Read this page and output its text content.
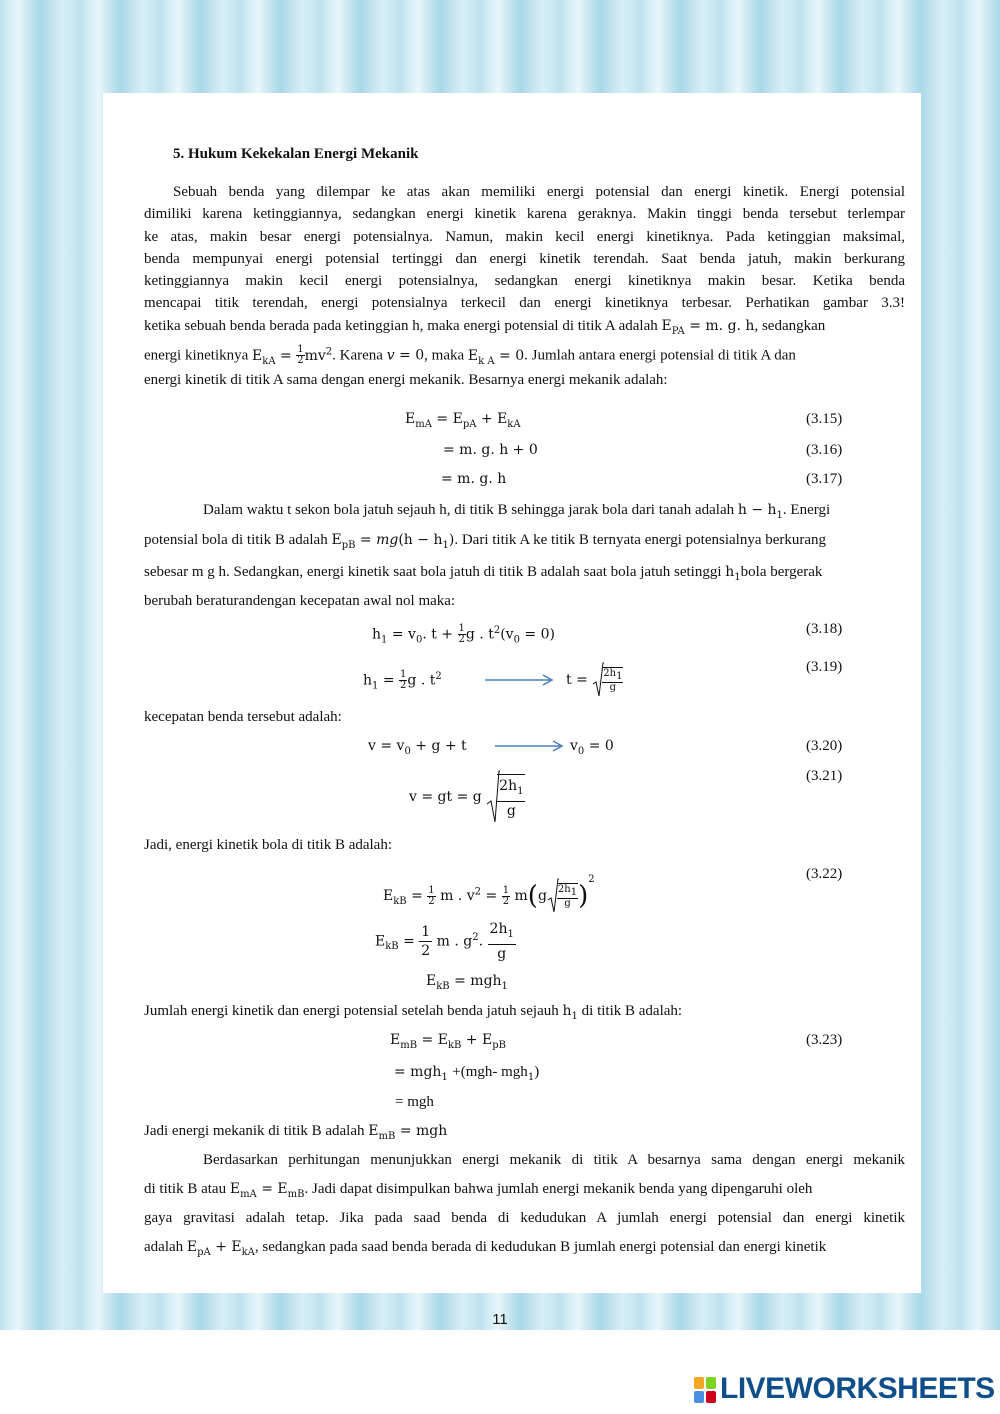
5. Hukum Kekekalan Energi Mekanik
Sebuah benda yang dilempar ke atas akan memiliki energi potensial dan energi kinetik. Energi potensial
dimiliki karena ketinggiannya, sedangkan energi kinetik karena geraknya. Makin tinggi benda tersebut terlempar
ke atas, makin besar energi potensialnya. Namun, makin kecil energi kinetiknya. Pada ketinggian maksimal,
benda mempunyai energi potensial tertinggi dan energi kinetik terendah. Saat benda jatuh, makin berkurang
ketinggiannya makin kecil energi potensialnya, sedangkan energi kinetiknya makin besar. Ketika benda
mencapai titik terendah, energi potensialnya terkecil dan energi kinetiknya terbesar. Perhatikan gambar 3.3!
ketika sebuah benda berada pada ketinggian h, maka energi potensial di titik A adalah $E_{PA} = m$. g. h, sedangkan
energi kinetiknya $E_{kA} = \frac{1}{2} mv^2$. Karena v = 0, maka $E_{k A} = 0$. Jumlah antara energi potensial di titik A dan
energi kinetik di titik A sama dengan energi mekanik. Besarnya energi mekanik adalah:
$E_{mA} = E_{pA} + E_{kA}$	(3.15)
= m. g. h + 0	(3.16)
= m. g. h	(3.17)
Dalam waktu t sekon bola jatuh sejauh h, di titik B sehingga jarak bola dari tanah adalah $h - h_1$. Energi
potensial bola di titik B adalah $E_{pB} = mg(h - h_1)$. Dari titik A ke titik B ternyata energi potensialnya berkurang
sebesar m g h. Sedangkan, energi kinetik saat bola jatuh di titik B adalah saat bola jatuh setinggi $h_1bola$ bergerak
berubah beraturandengan kecepatan awal nol maka:
$h_1 = v_0$. $t + \frac{1}{2}$ g . $t^2(v_0 = 0)$	(3.18)
$h_1 = \frac{1}{2}$ g . $t^2$	$t = \frac{2h_1}{g}$	(3.19)
kecepatan benda tersebut adalah:
$v = v_0 + g + t$	$v_0 = 0$	(3.20)
v = gt = g $\frac{2h_1}{g}$	(3.21)
Jadi, energi kinetik bola di titik B adalah:
$E_{kB} = \frac{1}{2}$ m . $v^2 = \frac{1}{2} m(g \frac{2h_1}{g} )^2$	(3.22)
$E_{kB} = \frac{1}{2}$ m . $g^2$. $\frac{2h_1}{g}$
$E_{kB} = mgh_1$
Jumlah energi kinetik dan energi potensial setelah benda jatuh sejauh $h_1$ di titik B adalah:
$E_{mB} = E_{kB} + E_{pB}$	(3.23)
= mgh$_1$ +(mgh- mgh$_1$)
= mgh
Jadi energi mekanik di titik B adalah $E_{mB}$ = mgh
Berdasarkan perhitungan menunjukkan energi mekanik di titik A besarnya sama dengan energi mekanik
di titik B atau $E_{mA} = E_{mB}$. Jadi dapat disimpulkan bahwa jumlah energi mekanik benda yang dipengaruhi oleh
gaya gravitasi adalah tetap. Jika pada saad benda di kedudukan A jumlah energi potensial dan energi kinetik
adalah $E_{pA} + E_{kA}$, sedangkan pada saad benda berada di kedudukan B jumlah energi potensial dan energi kinetik
11
LIVEWORKSHEETS
